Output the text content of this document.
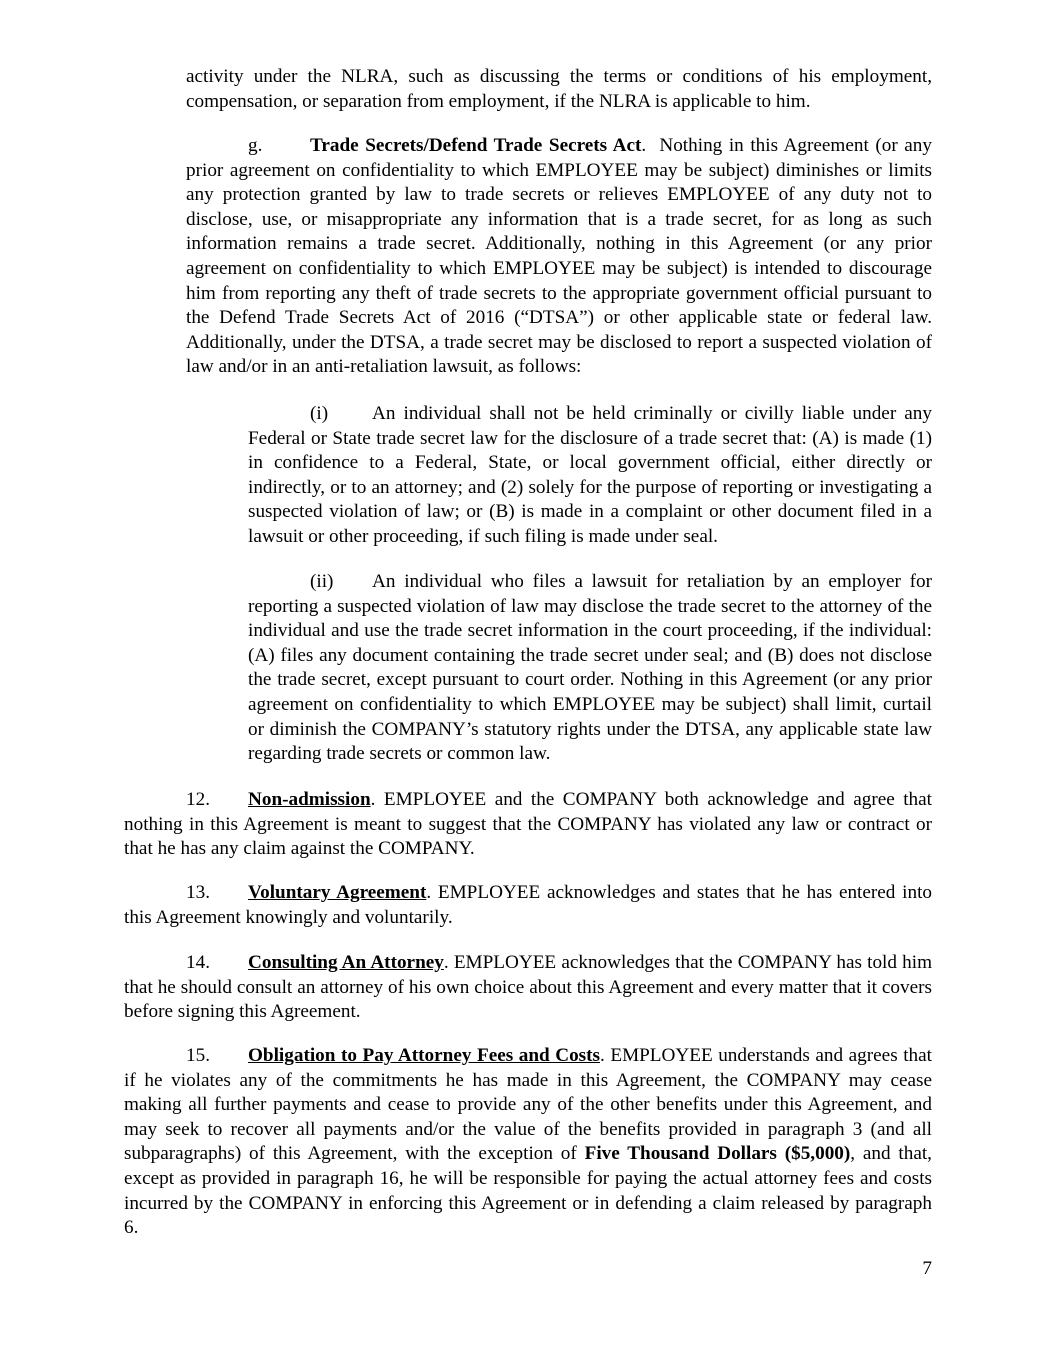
activity under the NLRA, such as discussing the terms or conditions of his employment, compensation, or separation from employment, if the NLRA is applicable to him.

g. Trade Secrets/Defend Trade Secrets Act. Nothing in this Agreement (or any prior agreement on confidentiality to which EMPLOYEE may be subject) diminishes or limits any protection granted by law to trade secrets or relieves EMPLOYEE of any duty not to disclose, use, or misappropriate any information that is a trade secret, for as long as such information remains a trade secret. Additionally, nothing in this Agreement (or any prior agreement on confidentiality to which EMPLOYEE may be subject) is intended to discourage him from reporting any theft of trade secrets to the appropriate government official pursuant to the Defend Trade Secrets Act of 2016 (“DTSA”) or other applicable state or federal law. Additionally, under the DTSA, a trade secret may be disclosed to report a suspected violation of law and/or in an anti-retaliation lawsuit, as follows:

(i) An individual shall not be held criminally or civilly liable under any Federal or State trade secret law for the disclosure of a trade secret that: (A) is made (1) in confidence to a Federal, State, or local government official, either directly or indirectly, or to an attorney; and (2) solely for the purpose of reporting or investigating a suspected violation of law; or (B) is made in a complaint or other document filed in a lawsuit or other proceeding, if such filing is made under seal.

(ii) An individual who files a lawsuit for retaliation by an employer for reporting a suspected violation of law may disclose the trade secret to the attorney of the individual and use the trade secret information in the court proceeding, if the individual: (A) files any document containing the trade secret under seal; and (B) does not disclose the trade secret, except pursuant to court order. Nothing in this Agreement (or any prior agreement on confidentiality to which EMPLOYEE may be subject) shall limit, curtail or diminish the COMPANY’s statutory rights under the DTSA, any applicable state law regarding trade secrets or common law.

12. Non-admission. EMPLOYEE and the COMPANY both acknowledge and agree that nothing in this Agreement is meant to suggest that the COMPANY has violated any law or contract or that he has any claim against the COMPANY.

13. Voluntary Agreement. EMPLOYEE acknowledges and states that he has entered into this Agreement knowingly and voluntarily.

14. Consulting An Attorney. EMPLOYEE acknowledges that the COMPANY has told him that he should consult an attorney of his own choice about this Agreement and every matter that it covers before signing this Agreement.

15. Obligation to Pay Attorney Fees and Costs. EMPLOYEE understands and agrees that if he violates any of the commitments he has made in this Agreement, the COMPANY may cease making all further payments and cease to provide any of the other benefits under this Agreement, and may seek to recover all payments and/or the value of the benefits provided in paragraph 3 (and all subparagraphs) of this Agreement, with the exception of Five Thousand Dollars ($5,000), and that, except as provided in paragraph 16, he will be responsible for paying the actual attorney fees and costs incurred by the COMPANY in enforcing this Agreement or in defending a claim released by paragraph 6.

7
